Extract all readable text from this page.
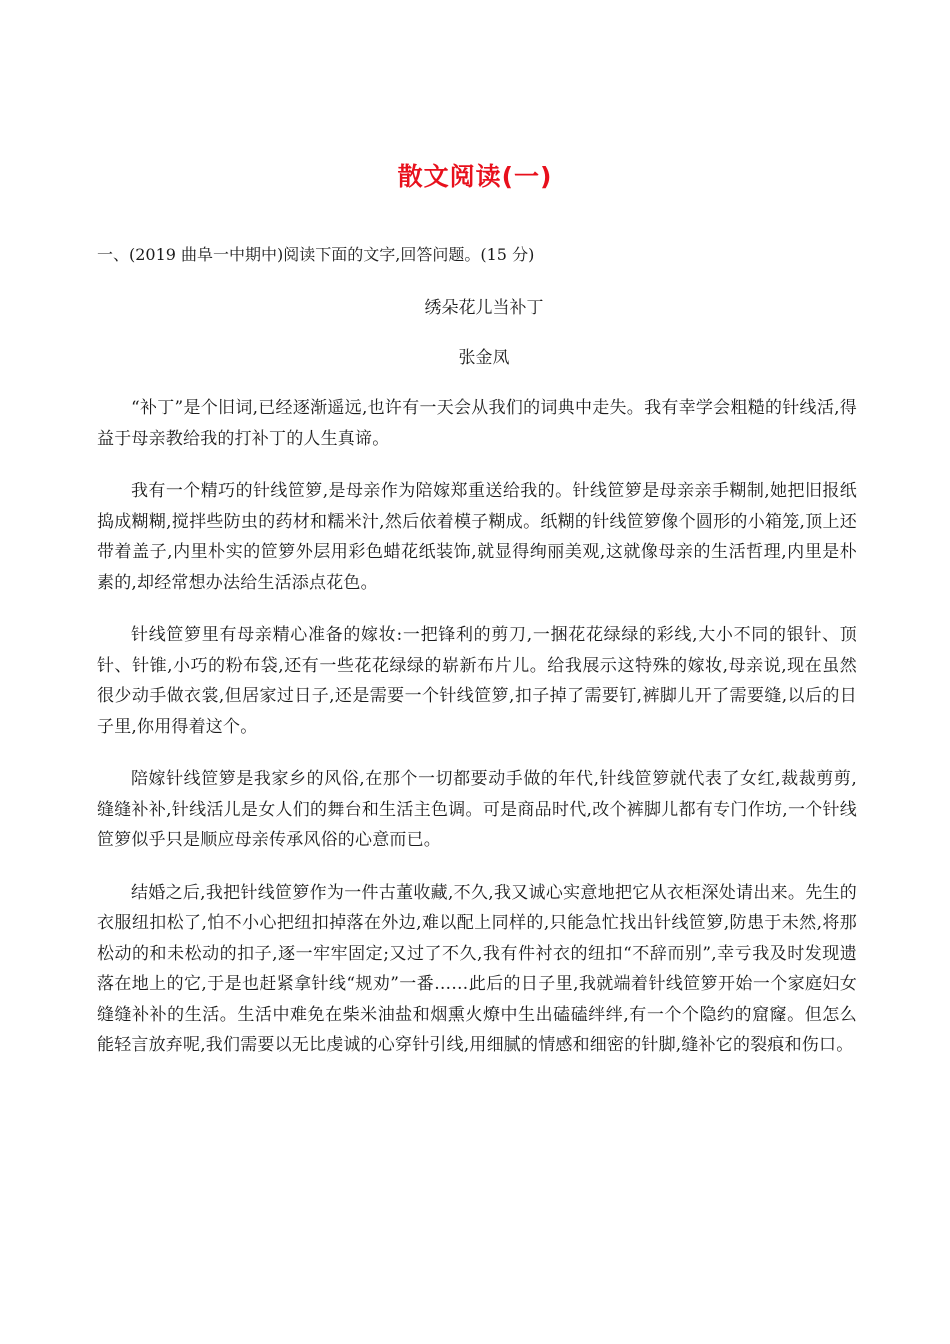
散文阅读(一)
一、(2019 曲阜一中期中)阅读下面的文字,回答问题。(15 分)
绣朵花儿当补丁
张金凤

“补丁”是个旧词,已经逐渐遥远,也许有一天会从我们的词典中走失。我有幸学会粗糙的针线活,得益于母亲教给我的打补丁的人生真谛。

我有一个精巧的针线笸箩,是母亲作为陪嫁郑重送给我的。针线笸箩是母亲亲手糊制,她把旧报纸捣成糊糊,搅拌些防虫的药材和糯米汁,然后依着模子糊成。纸糊的针线笸箩像个圆形的小箱笼,顶上还带着盖子,内里朴实的笸箩外层用彩色蜡花纸装饰,就显得绚丽美观,这就像母亲的生活哲理,内里是朴素的,却经常想办法给生活添点花色。

针线笸箩里有母亲精心准备的嫁妆:一把锋利的剪刀,一捆花花绿绿的彩线,大小不同的银针、顶针、针锥,小巧的粉布袋,还有一些花花绿绿的崭新布片儿。给我展示这特殊的嫁妆,母亲说,现在虽然很少动手做衣裳,但居家过日子,还是需要一个针线笸箩,扣子掉了需要钉,裤脚儿开了需要缝,以后的日子里,你用得着这个。

陪嫁针线笸箩是我家乡的风俗,在那个一切都要动手做的年代,针线笸箩就代表了女红,裁裁剪剪,缝缝补补,针线活儿是女人们的舞台和生活主色调。可是商品时代,改个裤脚儿都有专门作坊,一个针线笸箩似乎只是顺应母亲传承风俗的心意而已。

结婚之后,我把针线笸箩作为一件古董收藏,不久,我又诚心实意地把它从衣柜深处请出来。先生的衣服纽扣松了,怕不小心把纽扣掉落在外边,难以配上同样的,只能急忙找出针线笸箩,防患于未然,将那松动的和未松动的扣子,逐一牢牢固定;又过了不久,我有件衬衣的纽扣“不辞而别”,幸亏我及时发现遗落在地上的它,于是也赶紧拿针线“规劝”一番……此后的日子里,我就端着针线笸箩开始一个家庭妇女缝缝补补的生活。生活中难免在柴米油盐和烟熏火燎中生出磕磕绊绊,有一个个隐约的窟窿。但怎么能轻言放弃呢,我们需要以无比虔诚的心穿针引线,用细腻的情感和细密的针脚,缝补它的裂痕和伤口。
